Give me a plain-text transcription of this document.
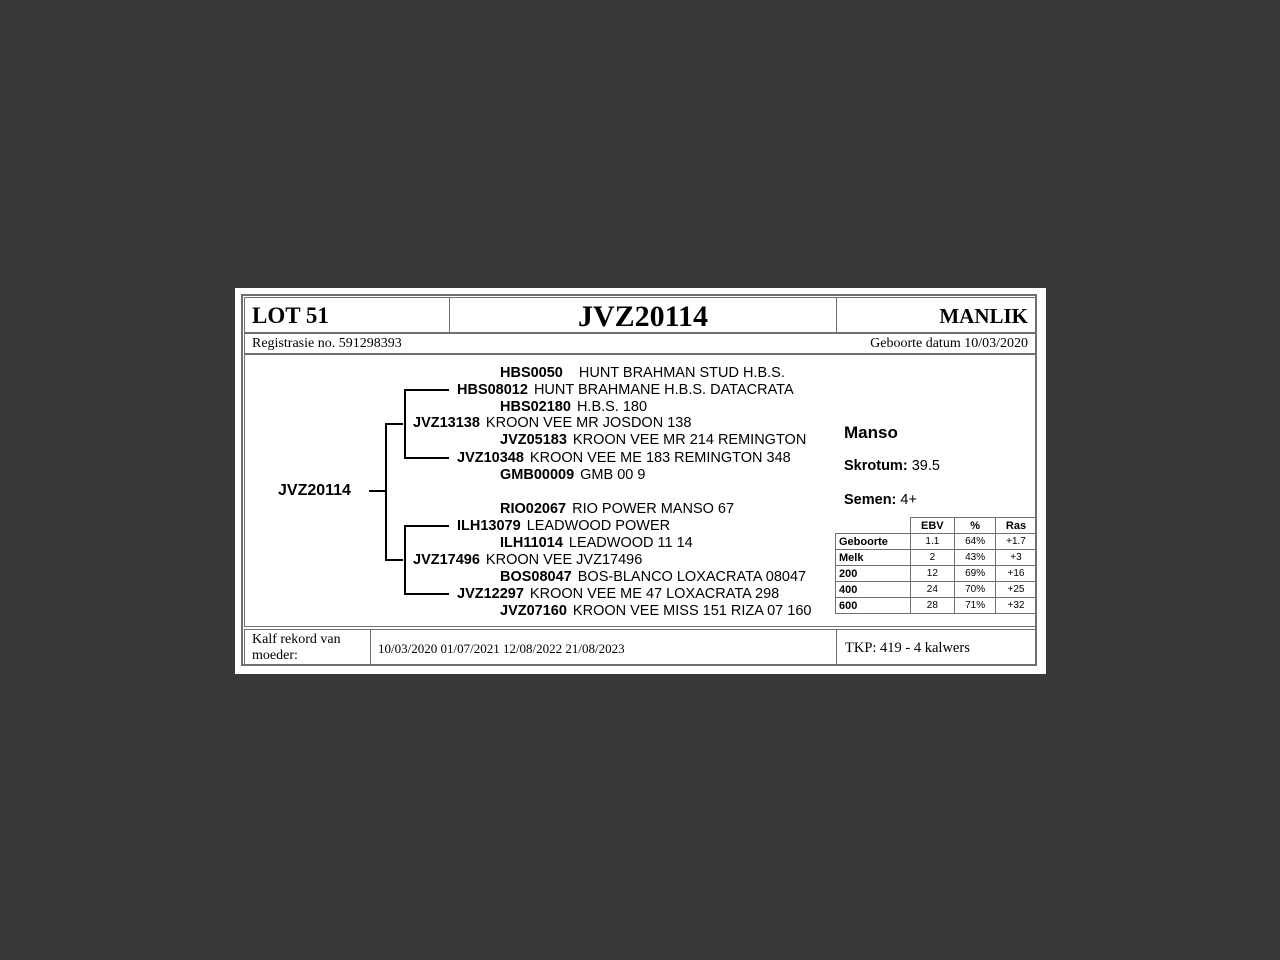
LOT 51	JVZ20114	MANLIK
Registrasie no. 591298393	Geboorte datum 10/03/2020
JVZ20114
HBS0050 HUNT BRAHMAN STUD H.B.S.
HBS08012 HUNT BRAHMANE H.B.S. DATACRATA
HBS02180 H.B.S. 180
JVZ13138 KROON VEE MR JOSDON 138
JVZ05183 KROON VEE MR 214 REMINGTON
JVZ10348 KROON VEE ME 183 REMINGTON 348
GMB00009 GMB 00 9
RIO02067 RIO POWER MANSO 67
ILH13079 LEADWOOD POWER
ILH11014 LEADWOOD 11 14
JVZ17496 KROON VEE JVZ17496
BOS08047 BOS-BLANCO LOXACRATA 08047
JVZ12297 KROON VEE ME 47 LOXACRATA 298
JVZ07160 KROON VEE MISS 151 RIZA 07 160
Manso
Skrotum: 39.5
Semen: 4+
	EBV	%	Ras
Geboorte	1.1	64%	+1.7
Melk	2	43%	+3
200	12	69%	+16
400	24	70%	+25
600	28	71%	+32
Kalf rekord van
moeder:	10/03/2020 01/07/2021 12/08/2022 21/08/2023	TKP: 419 - 4 kalwers
